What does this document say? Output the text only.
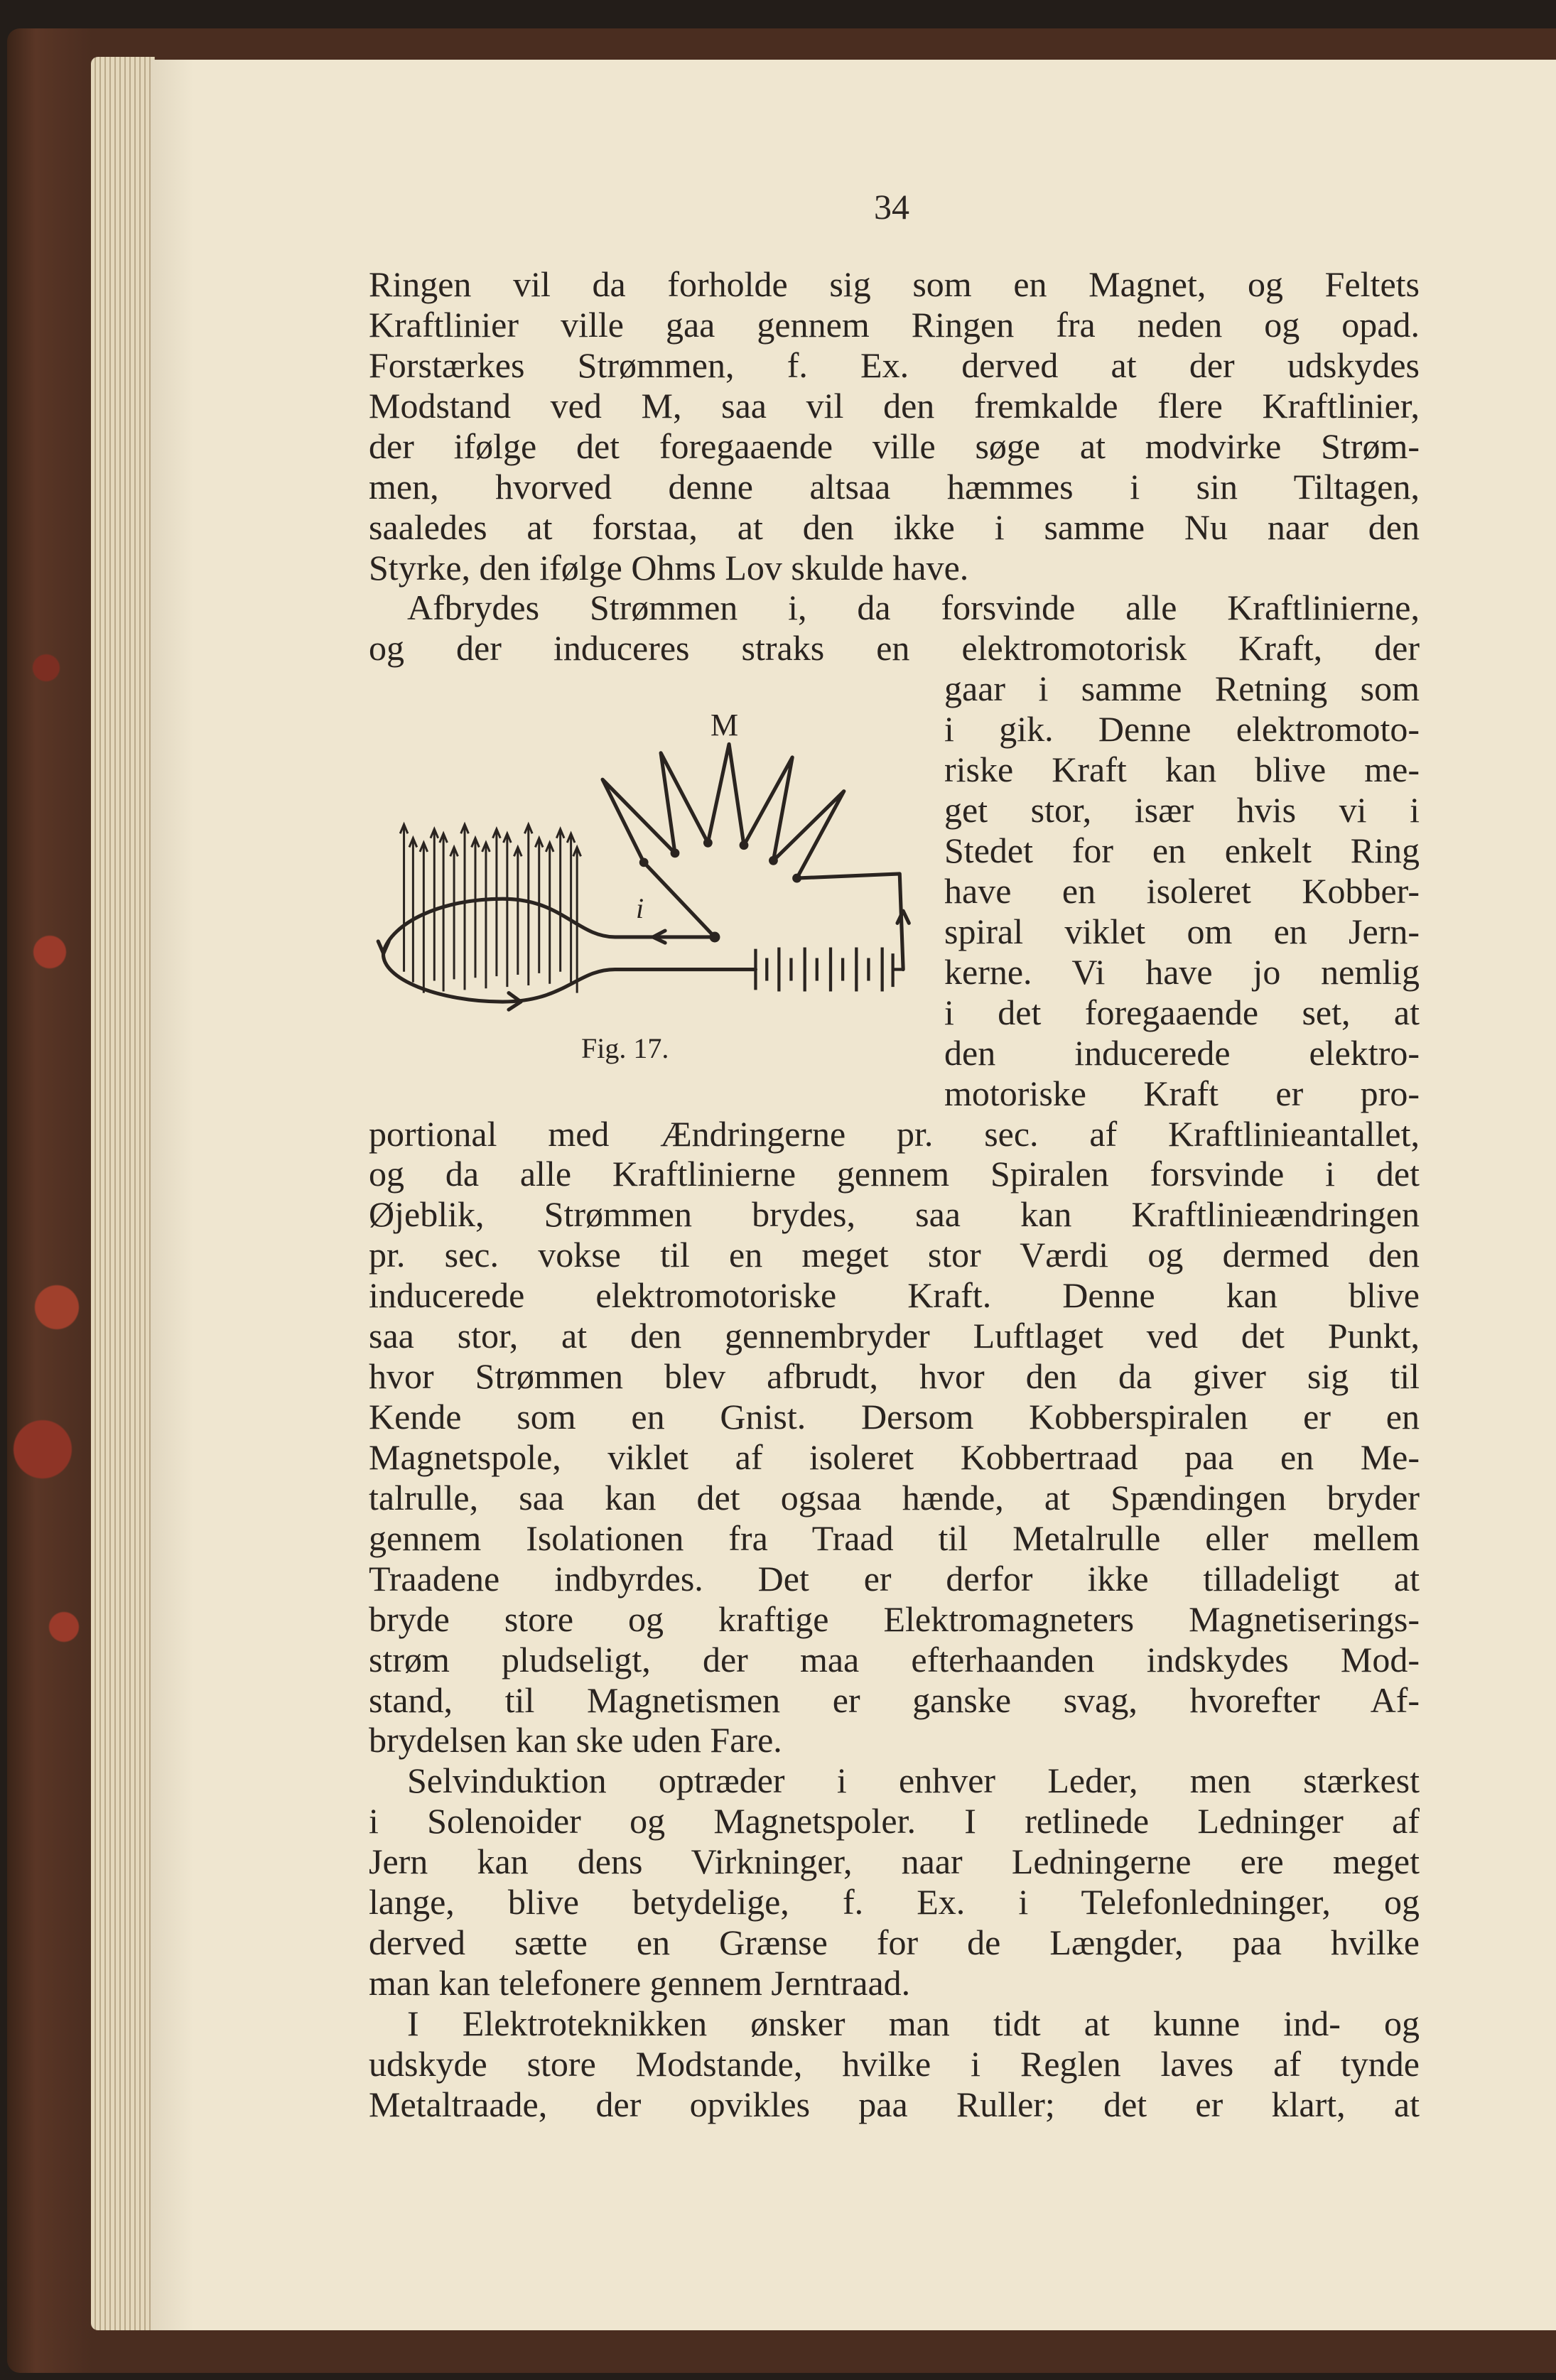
34
Ringen vil da forholde sig som en Magnet, og Feltets
Kraftlinier ville gaa gennem Ringen fra neden og opad.
Forstærkes Strømmen, f. Ex. derved at der udskydes
Modstand ved M, saa vil den fremkalde flere Kraftlinier,
der ifølge det foregaaende ville søge at modvirke Strøm-
men, hvorved denne altsaa hæmmes i sin Tiltagen,
saaledes at forstaa, at den ikke i samme Nu naar den
Styrke, den ifølge Ohms Lov skulde have.
Afbrydes Strømmen i, da forsvinde alle Kraftlinierne,
og der induceres straks en elektromotorisk Kraft, der
gaar i samme Retning som
i gik. Denne elektromoto-
riske Kraft kan blive me-
get stor, især hvis vi i
Stedet for en enkelt Ring
have en isoleret Kobber-
spiral viklet om en Jern-
kerne. Vi have jo nemlig
i det foregaaende set, at
den inducerede elektro-
motoriske Kraft er pro-
portional med Ændringerne pr. sec. af Kraftlinieantallet,
og da alle Kraftlinierne gennem Spiralen forsvinde i det
Øjeblik, Strømmen brydes, saa kan Kraftlinieændringen
pr. sec. vokse til en meget stor Værdi og dermed den
inducerede elektromotoriske Kraft. Denne kan blive
saa stor, at den gennembryder Luftlaget ved det Punkt,
hvor Strømmen blev afbrudt, hvor den da giver sig til
Kende som en Gnist. Dersom Kobberspiralen er en
Magnetspole, viklet af isoleret Kobbertraad paa en Me-
talrulle, saa kan det ogsaa hænde, at Spændingen bryder
gennem Isolationen fra Traad til Metalrulle eller mellem
Traadene indbyrdes. Det er derfor ikke tilladeligt at
bryde store og kraftige Elektromagneters Magnetiserings-
strøm pludseligt, der maa efterhaanden indskydes Mod-
stand, til Magnetismen er ganske svag, hvorefter Af-
brydelsen kan ske uden Fare.
Selvinduktion optræder i enhver Leder, men stærkest
i Solenoider og Magnetspoler. I retlinede Ledninger af
Jern kan dens Virkninger, naar Ledningerne ere meget
lange, blive betydelige, f. Ex. i Telefonledninger, og
derved sætte en Grænse for de Længder, paa hvilke
man kan telefonere gennem Jerntraad.
I Elektroteknikken ønsker man tidt at kunne ind- og
udskyde store Modstande, hvilke i Reglen laves af tynde
Metaltraade, der opvikles paa Ruller; det er klart, at
M
i
Fig. 17.
